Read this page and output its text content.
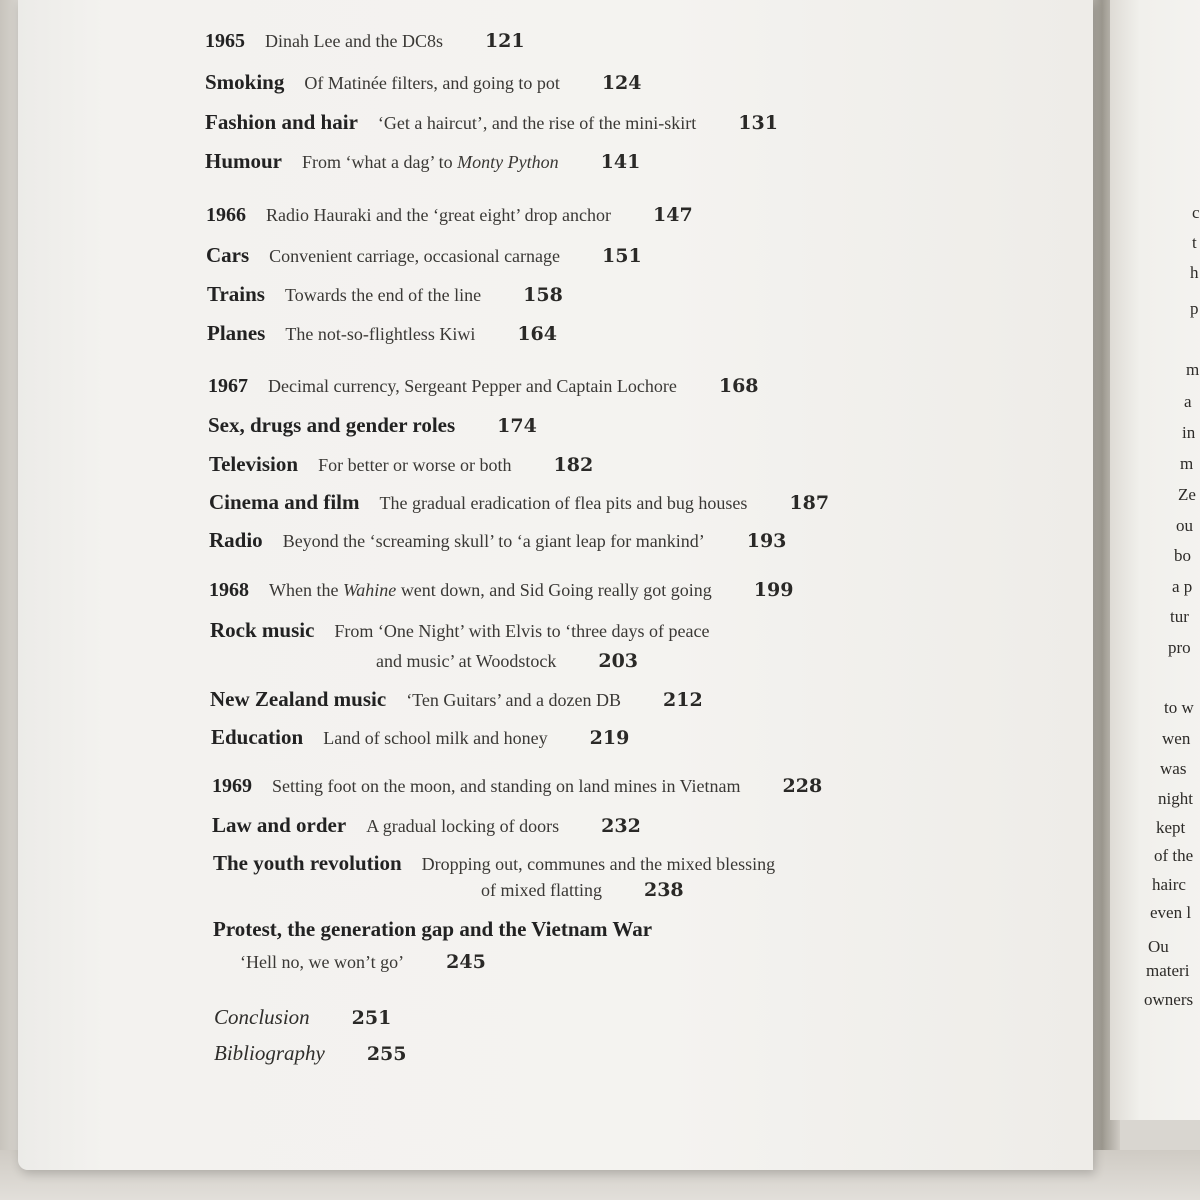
c
t
h
p
m
a
in
m
Ze
ou
bo
a p
tur
pro
to w
wen
was
night
kept
of the
hairc
even l
Ou
materi
owners
1965 Dinah Lee and the DC8s 121
Smoking Of Matinée filters, and going to pot 124
Fashion and hair ‘Get a haircut’, and the rise of the mini-skirt 131
Humour From ‘what a dag’ to Monty Python 141
1966 Radio Hauraki and the ‘great eight’ drop anchor 147
Cars Convenient carriage, occasional carnage 151
Trains Towards the end of the line 158
Planes The not-so-flightless Kiwi 164
1967 Decimal currency, Sergeant Pepper and Captain Lochore 168
Sex, drugs and gender roles 174
Television For better or worse or both 182
Cinema and film The gradual eradication of flea pits and bug houses 187
Radio Beyond the ‘screaming skull’ to ‘a giant leap for mankind’ 193
1968 When the Wahine went down, and Sid Going really got going 199
Rock music From ‘One Night’ with Elvis to ‘three days of peace
and music’ at Woodstock 203
New Zealand music ‘Ten Guitars’ and a dozen DB 212
Education Land of school milk and honey 219
1969 Setting foot on the moon, and standing on land mines in Vietnam 228
Law and order A gradual locking of doors 232
The youth revolution Dropping out, communes and the mixed blessing
of mixed flatting 238
Protest, the generation gap and the Vietnam War
‘Hell no, we won’t go’ 245
Conclusion 251
Bibliography 255
